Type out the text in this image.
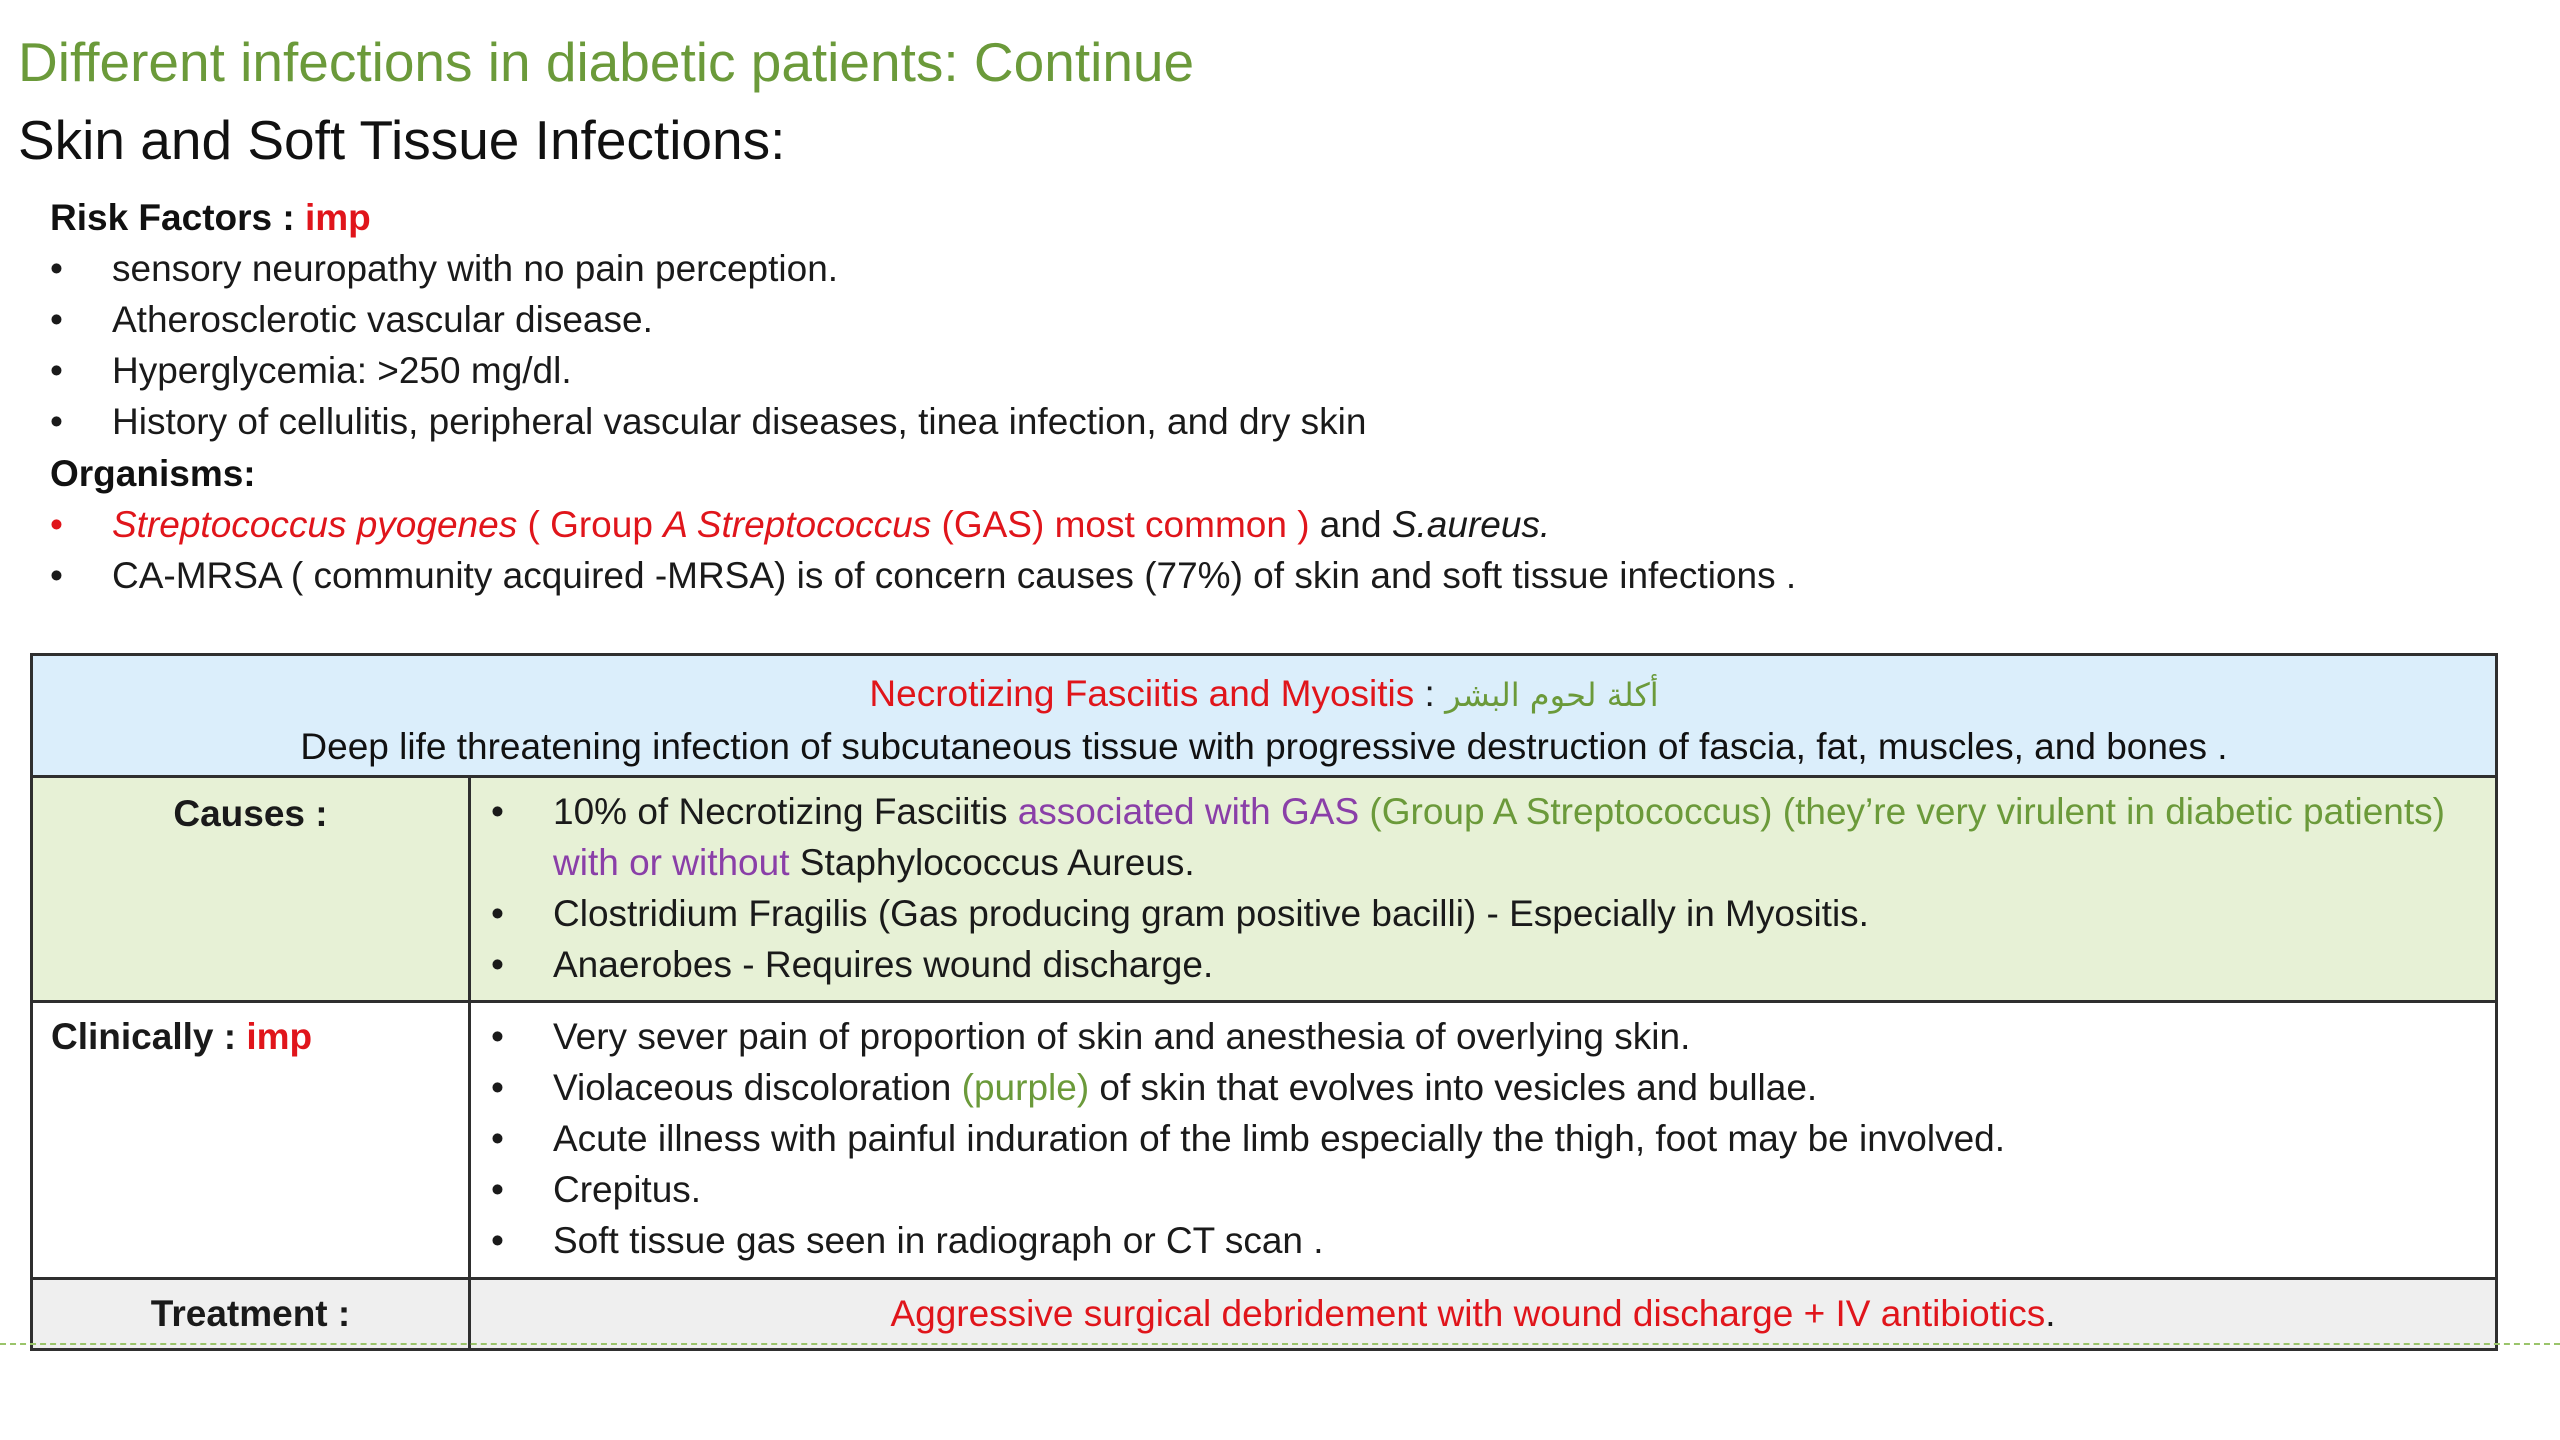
Different infections in diabetic patients: Continue
Skin and Soft Tissue Infections:
Risk Factors : imp
• sensory neuropathy with no pain perception.
• Atherosclerotic vascular disease.
• Hyperglycemia: >250 mg/dl.
• History of cellulitis, peripheral vascular diseases, tinea infection, and dry skin
Organisms:
• Streptococcus pyogenes ( Group A Streptococcus (GAS) most common ) and S.aureus.
• CA-MRSA ( community acquired -MRSA) is of concern causes (77%) of skin and soft tissue infections .
Necrotizing Fasciitis and Myositis : أكلة لحوم البشر
Deep life threatening infection of subcutaneous tissue with progressive destruction of fascia, fat, muscles, and bones .
Causes :	• 10% of Necrotizing Fasciitis associated with GAS (Group A Streptococcus) (they’re very virulent in diabetic patients) with or without Staphylococcus Aureus.
• Clostridium Fragilis (Gas producing gram positive bacilli) - Especially in Myositis.
• Anaerobes - Requires wound discharge.
Clinically : imp	• Very sever pain of proportion of skin and anesthesia of overlying skin.
• Violaceous discoloration (purple) of skin that evolves into vesicles and bullae.
• Acute illness with painful induration of the limb especially the thigh, foot may be involved.
• Crepitus.
• Soft tissue gas seen in radiograph or CT scan .
Treatment :	Aggressive surgical debridement with wound discharge + IV antibiotics.
